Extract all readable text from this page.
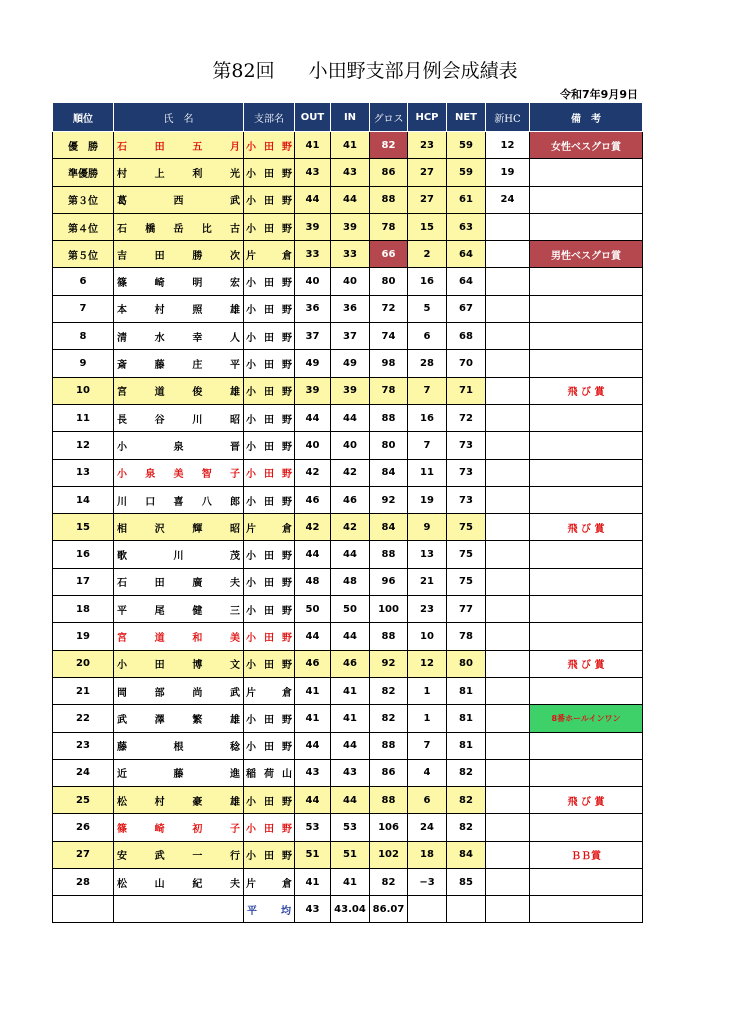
第82回 小田野支部月例会成績表
令和7年9月9日
順位	氏　名	支部名	OUT	IN	グロス	HCP	NET	新HC	備　考
優　勝	石田五月	小田野	41	41	82	23	59	12	女性ベスグロ賞
準優勝	村上利光	小田野	43	43	86	27	59	19	
第３位	葛西武	小田野	44	44	88	27	61	24	
第４位	石橋岳比古	小田野	39	39	78	15	63		
第５位	吉田勝次	片倉	33	33	66	2	64		男性ベスグロ賞
6	篠崎明宏	小田野	40	40	80	16	64		
7	本村照雄	小田野	36	36	72	5	67		
8	清水幸人	小田野	37	37	74	6	68		
9	斎藤庄平	小田野	49	49	98	28	70		
10	宮道俊雄	小田野	39	39	78	7	71		飛 び 賞
11	長谷川昭	小田野	44	44	88	16	72		
12	小泉晋	小田野	40	40	80	7	73		
13	小泉美智子	小田野	42	42	84	11	73		
14	川口喜八郎	小田野	46	46	92	19	73		
15	相沢輝昭	片倉	42	42	84	9	75		飛 び 賞
16	歌川茂	小田野	44	44	88	13	75		
17	石田廣夫	小田野	48	48	96	21	75		
18	平尾健三	小田野	50	50	100	23	77		
19	宮道和美	小田野	44	44	88	10	78		
20	小田博文	小田野	46	46	92	12	80		飛 び 賞
21	岡部尚武	片倉	41	41	82	1	81		
22	武澤繁雄	小田野	41	41	82	1	81		8番ホールインワン
23	藤根稔	小田野	44	44	88	7	81		
24	近藤進	稲荷山	43	43	86	4	82		
25	松村豪雄	小田野	44	44	88	6	82		飛 び 賞
26	篠崎初子	小田野	53	53	106	24	82		
27	安武一行	小田野	51	51	102	18	84		ＢＢ賞
28	松山紀夫	片倉	41	41	82	−3	85		
		平均	43	43.04	86.07				
